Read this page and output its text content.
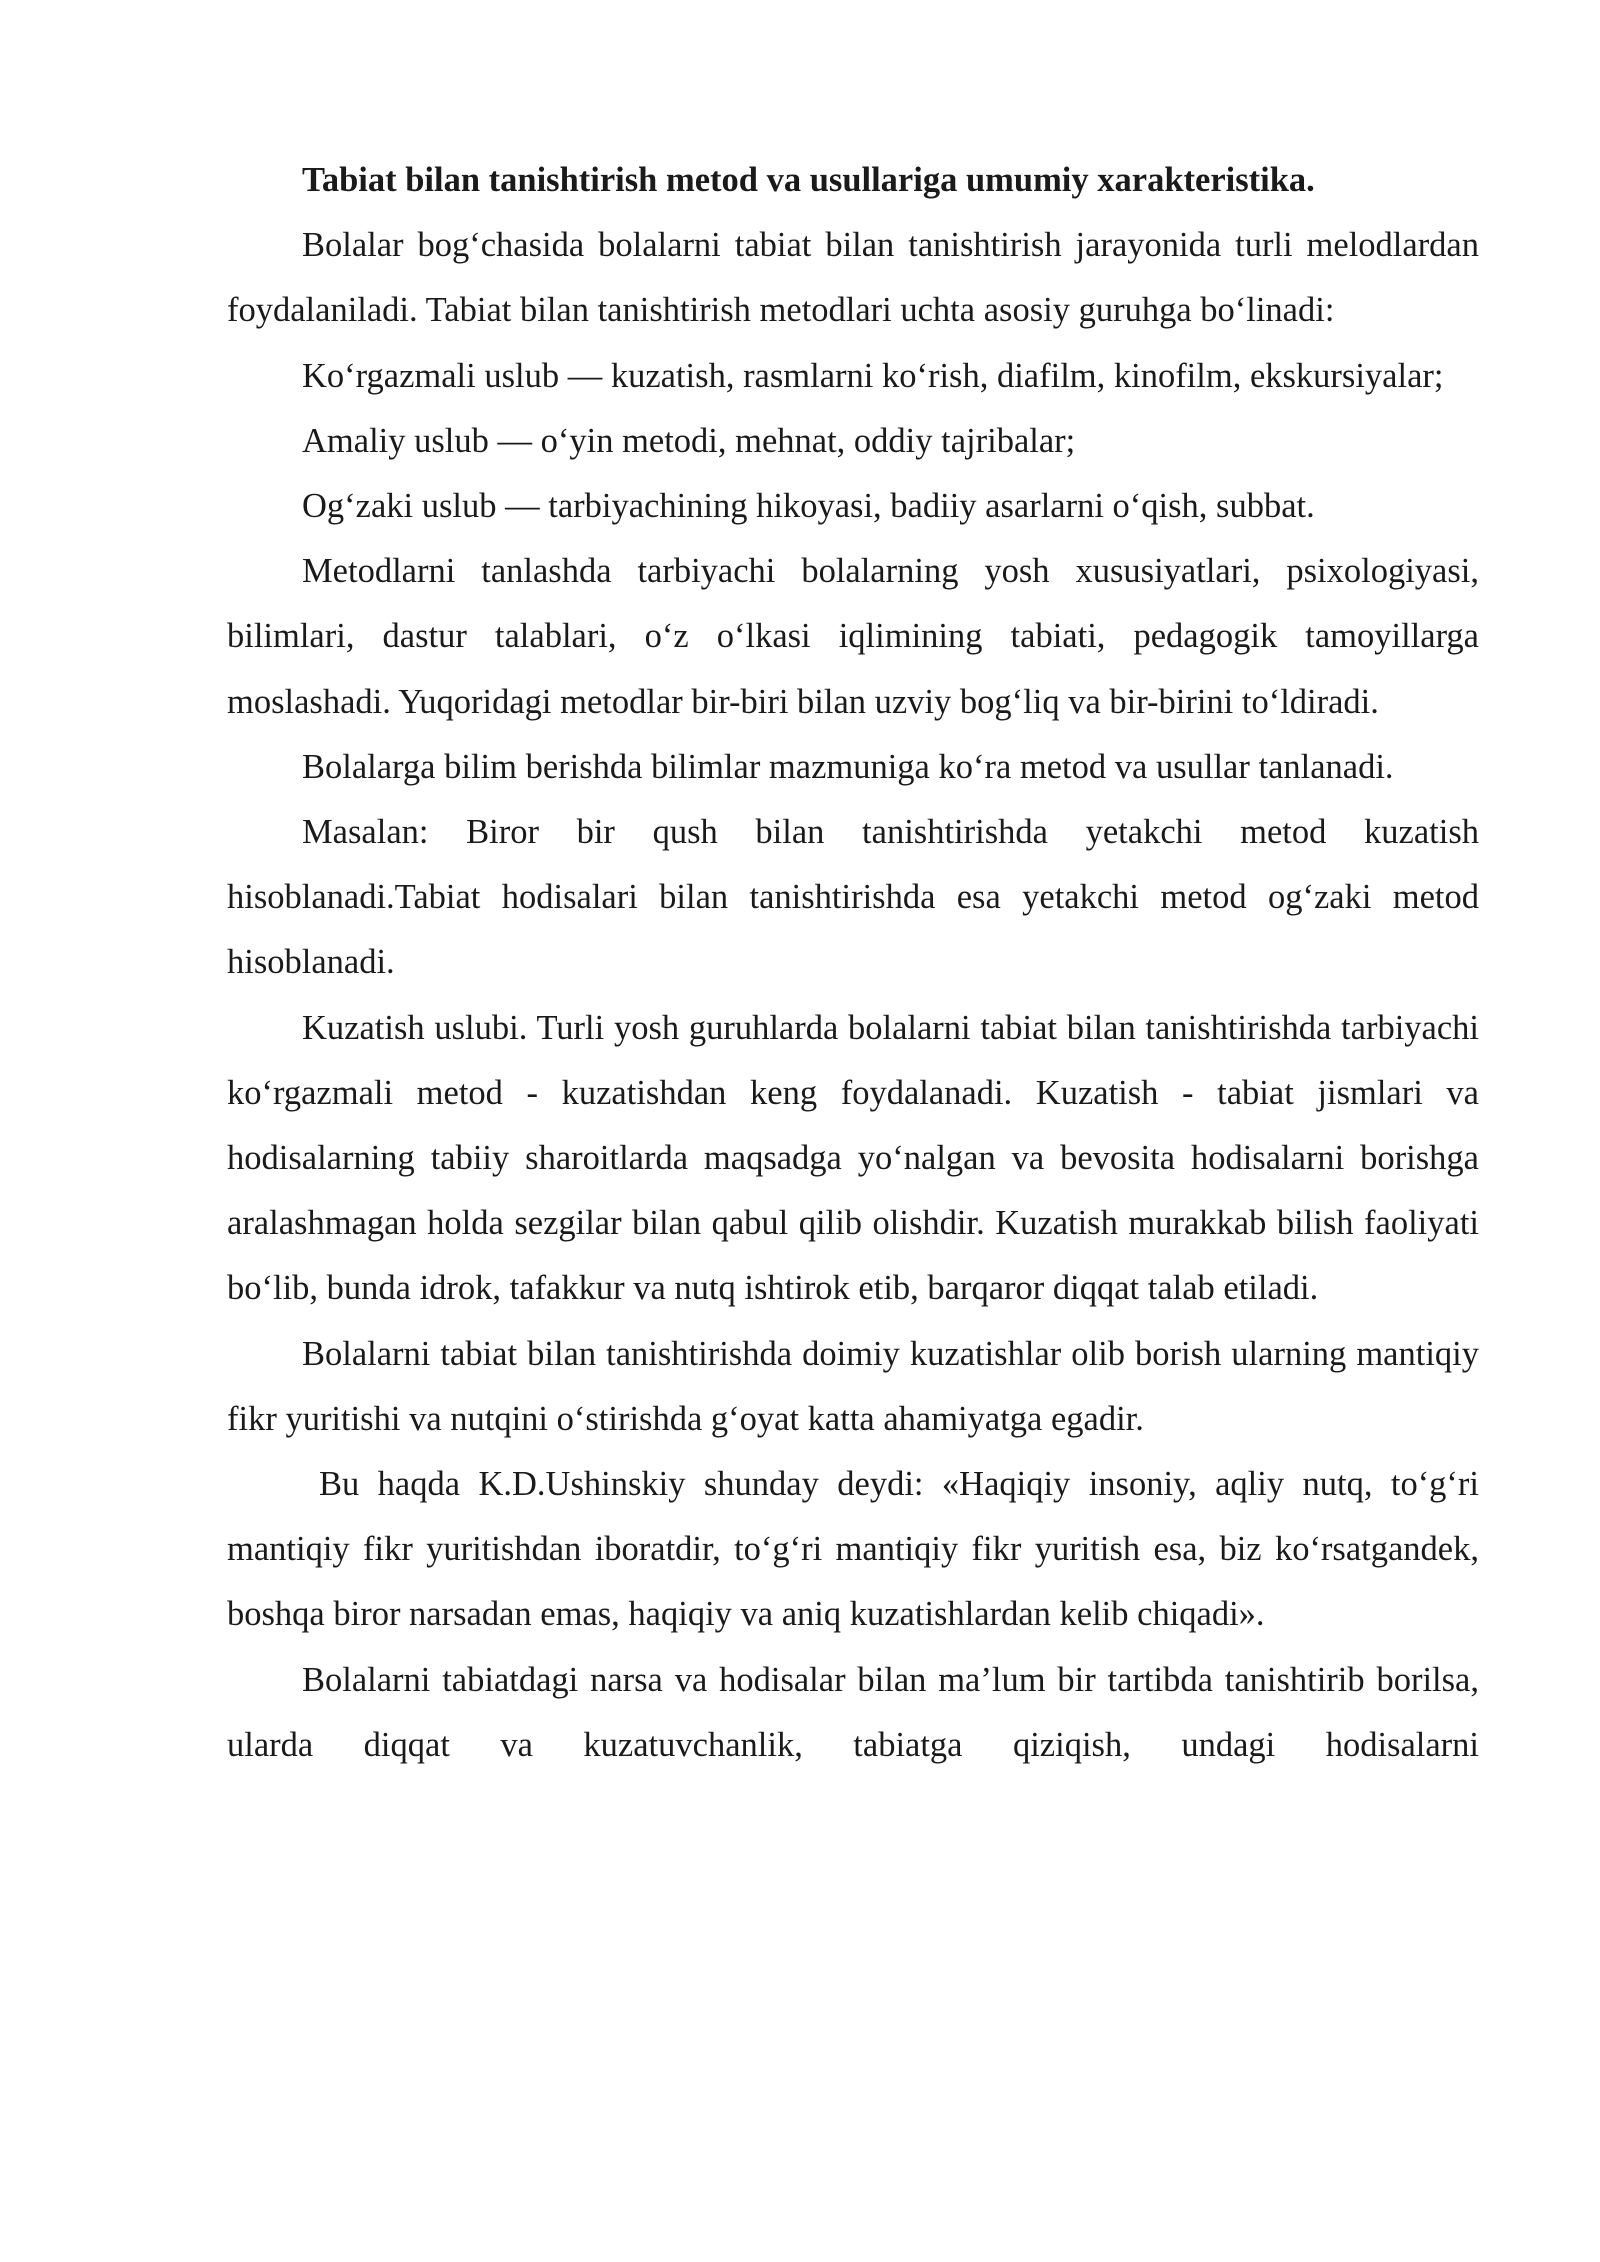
Tabiat bilan tanishtirish metod va usullariga umumiy xarakteristika.

Bolalar bog‘chasida bolalarni tabiat bilan tanishtirish jarayonida turli melodlardan foydalaniladi. Tabiat bilan tanishtirish metodlari uchta asosiy guruhga bo‘linadi:

Ko‘rgazmali uslub — kuzatish, rasmlarni ko‘rish, diafilm, kinofilm, ekskursiyalar;

Amaliy uslub — o‘yin metodi, mehnat, oddiy tajribalar;

Og‘zaki uslub — tarbiyachining hikoyasi, badiiy asarlarni o‘qish, subbat.

Metodlarni tanlashda tarbiyachi bolalarning yosh xususiyatlari, psixologiyasi, bilimlari, dastur talablari, o‘z o‘lkasi iqlimining tabiati, pedagogik tamoyillarga moslashadi. Yuqoridagi metodlar bir-biri bilan uzviy bog‘liq va bir-birini to‘ldiradi.

Bolalarga bilim berishda bilimlar mazmuniga ko‘ra metod va usullar tanlanadi.

Masalan: Biror bir qush bilan tanishtirishda yetakchi metod kuzatish hisoblanadi.Tabiat hodisalari bilan tanishtirishda esa yetakchi metod og‘zaki metod hisoblanadi.

Kuzatish uslubi. Turli yosh guruhlarda bolalarni tabiat bilan tanishtirishda tarbiyachi ko‘rgazmali metod - kuzatishdan keng foydalanadi. Kuzatish - tabiat jismlari va hodisalarning tabiiy sharoitlarda maqsadga yo‘nalgan va bevosita hodisalarni borishga aralashmagan holda sezgilar bilan qabul qilib olishdir. Kuzatish murakkab bilish faoliyati bo‘lib, bunda idrok, tafakkur va nutq ishtirok etib, barqaror diqqat talab etiladi.

Bolalarni tabiat bilan tanishtirishda doimiy kuzatishlar olib borish ularning mantiqiy fikr yuritishi va nutqini o‘stirishda g‘oyat katta ahamiyatga egadir.

Bu haqda K.D.Ushinskiy shunday deydi: «Haqiqiy insoniy, aqliy nutq, to‘g‘ri mantiqiy fikr yuritishdan iboratdir, to‘g‘ri mantiqiy fikr yuritish esa, biz ko‘rsatgandek, boshqa biror narsadan emas, haqiqiy va aniq kuzatishlardan kelib chiqadi».

Bolalarni tabiatdagi narsa va hodisalar bilan ma’lum bir tartibda tanishtirib borilsa, ularda diqqat va kuzatuvchanlik, tabiatga qiziqish, undagi hodisalarni
